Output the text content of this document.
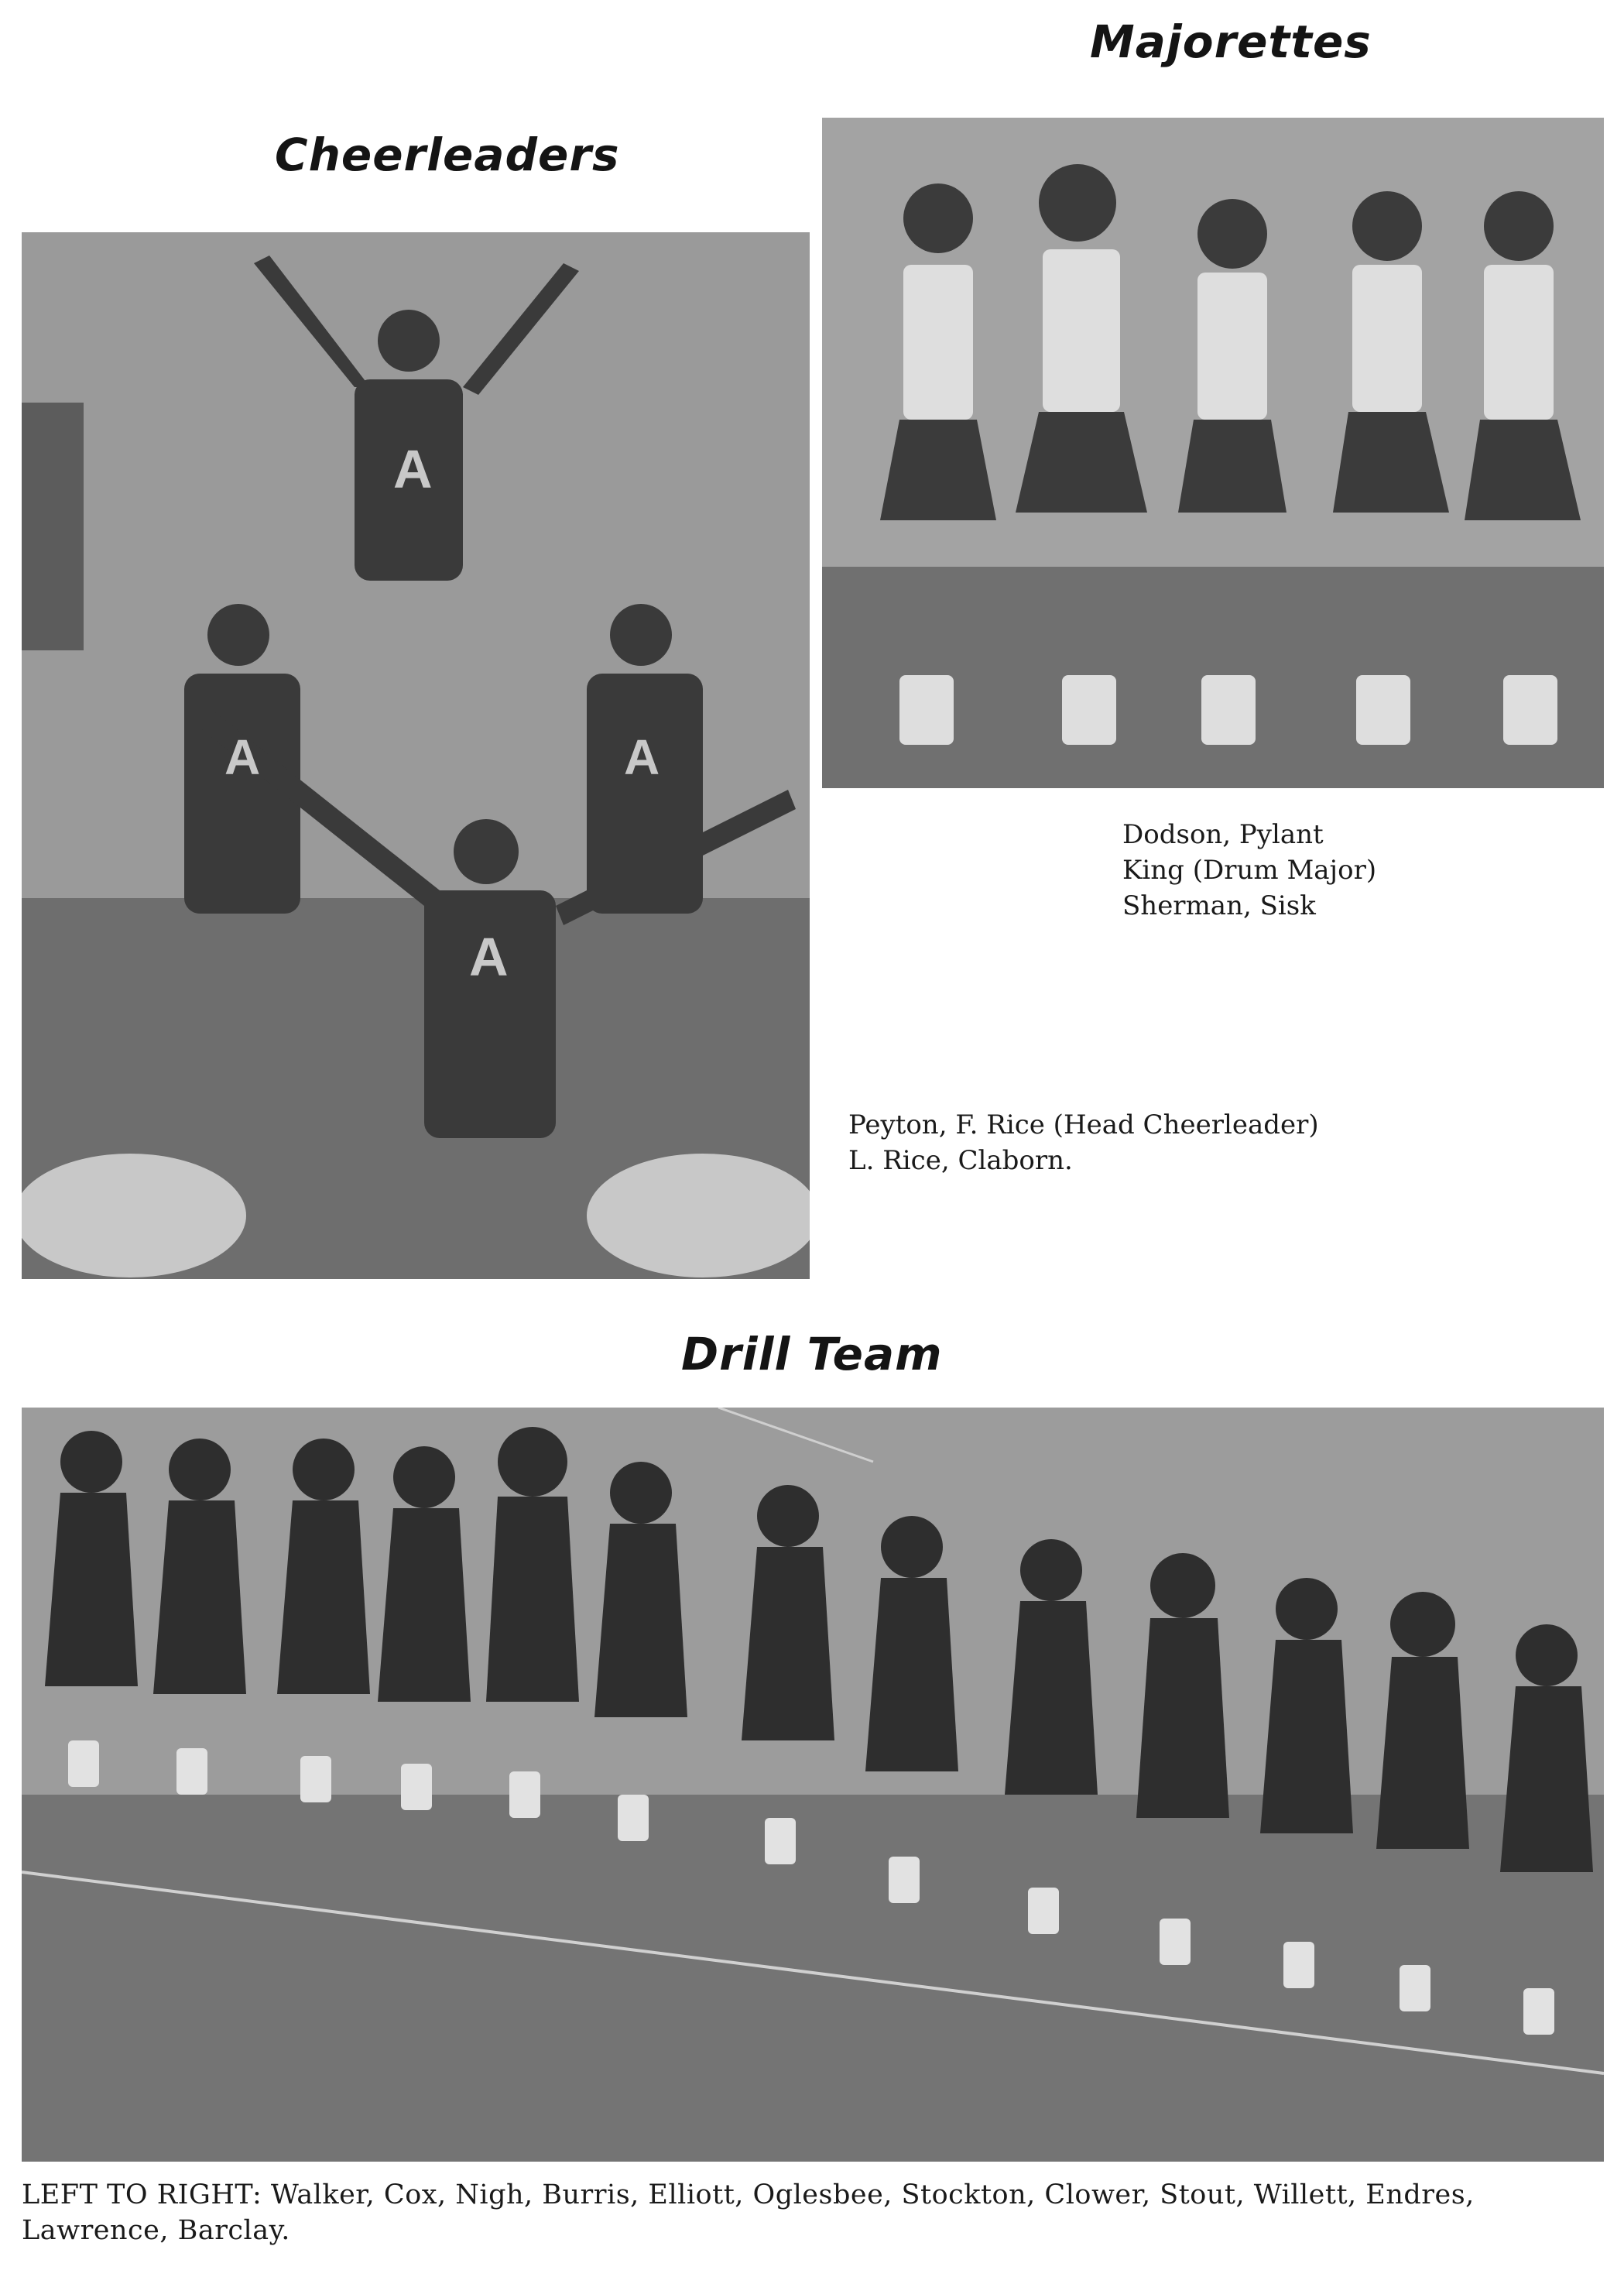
Majorettes
Cheerleaders
Drill Team
A
A	A
A
Dodson, Pylant
King (Drum Major)
Sherman, Sisk
Peyton, F. Rice (Head Cheerleader)
L. Rice, Claborn.
LEFT TO RIGHT: Walker, Cox, Nigh, Burris, Elliott, Oglesbee, Stockton, Clower, Stout, Willett, Endres, Lawrence, Barclay.
